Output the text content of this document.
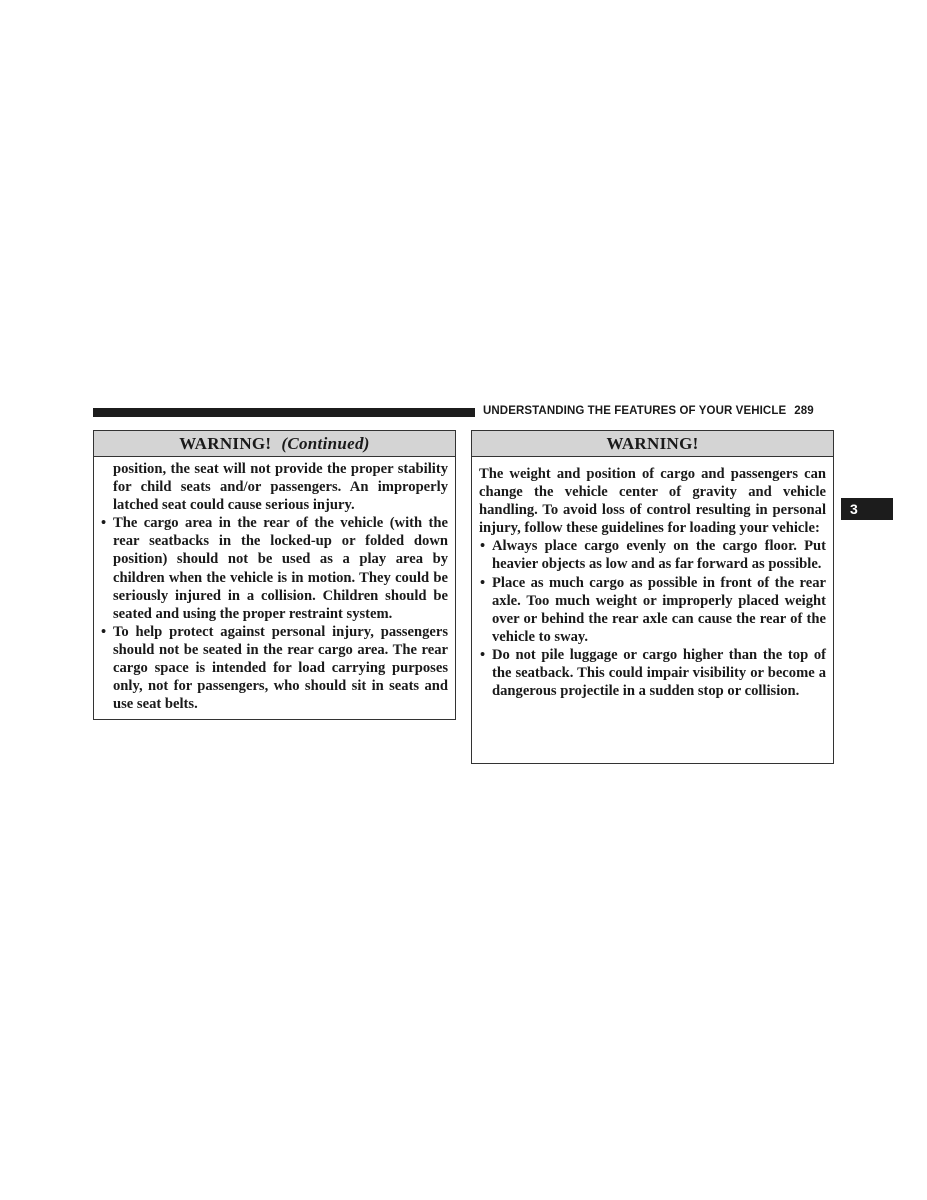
UNDERSTANDING THE FEATURES OF YOUR VEHICLE 289
3
WARNING! (Continued)

position, the seat will not provide the proper stability for child seats and/or passengers. An improperly latched seat could cause serious injury.

• The cargo area in the rear of the vehicle (with the rear seatbacks in the locked-up or folded down position) should not be used as a play area by children when the vehicle is in motion. They could be seriously injured in a collision. Children should be seated and using the proper restraint system.

• To help protect against personal injury, passengers should not be seated in the rear cargo area. The rear cargo space is intended for load carrying purposes only, not for passengers, who should sit in seats and use seat belts.

WARNING!

The weight and position of cargo and passengers can change the vehicle center of gravity and vehicle handling. To avoid loss of control resulting in personal injury, follow these guidelines for loading your vehicle:

• Always place cargo evenly on the cargo floor. Put heavier objects as low and as far forward as possible.

• Place as much cargo as possible in front of the rear axle. Too much weight or improperly placed weight over or behind the rear axle can cause the rear of the vehicle to sway.

• Do not pile luggage or cargo higher than the top of the seatback. This could impair visibility or become a dangerous projectile in a sudden stop or collision.
